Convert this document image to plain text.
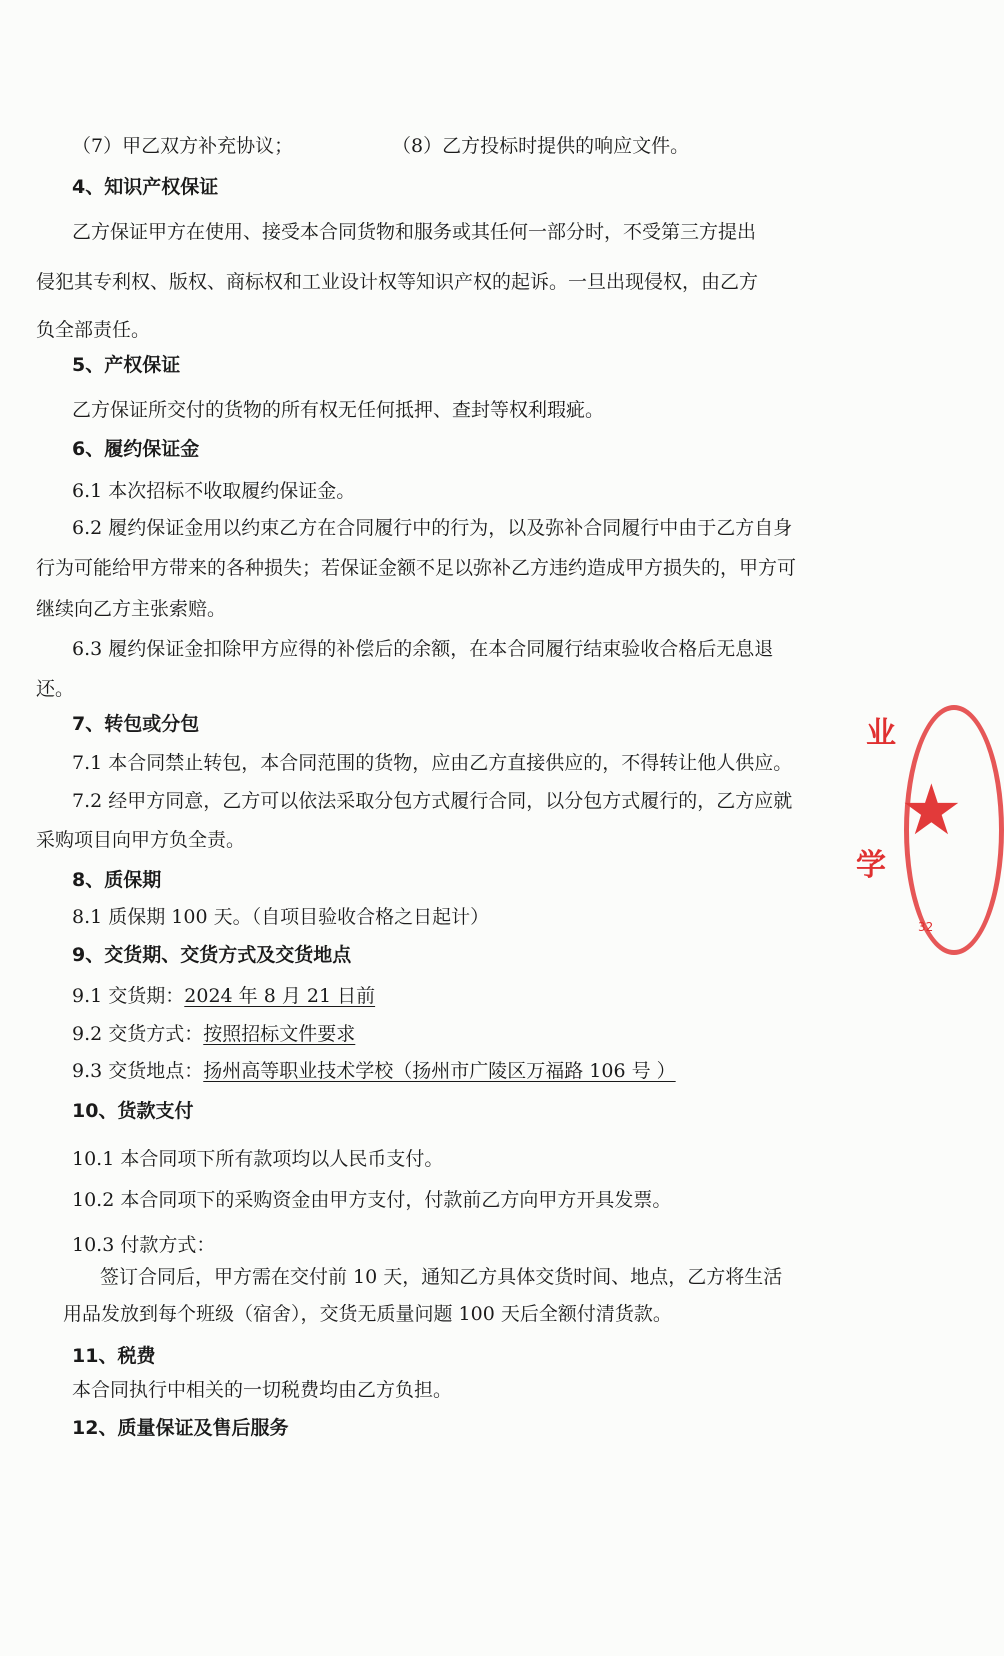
（7）甲乙双方补充协议；	（8）乙方投标时提供的响应文件。
4、知识产权保证
乙方保证甲方在使用、接受本合同货物和服务或其任何一部分时，不受第三方提出
侵犯其专利权、版权、商标权和工业设计权等知识产权的起诉。一旦出现侵权，由乙方
负全部责任。
5、产权保证
乙方保证所交付的货物的所有权无任何抵押、查封等权利瑕疵。
6、履约保证金
6.1 本次招标不收取履约保证金。
6.2 履约保证金用以约束乙方在合同履行中的行为，以及弥补合同履行中由于乙方自身
行为可能给甲方带来的各种损失；若保证金额不足以弥补乙方违约造成甲方损失的，甲方可
继续向乙方主张索赔。
6.3 履约保证金扣除甲方应得的补偿后的余额，在本合同履行结束验收合格后无息退
还。
7、转包或分包
7.1 本合同禁止转包，本合同范围的货物，应由乙方直接供应的，不得转让他人供应。
7.2 经甲方同意，乙方可以依法采取分包方式履行合同，以分包方式履行的，乙方应就
采购项目向甲方负全责。
8、质保期
8.1 质保期 100 天。（自项目验收合格之日起计）
9、交货期、交货方式及交货地点
9.1 交货期：2024 年 8 月 21 日前
9.2 交货方式：按照招标文件要求
9.3 交货地点：扬州高等职业技术学校（扬州市广陵区万福路 106 号 ）
10、货款支付
10.1 本合同项下所有款项均以人民币支付。
10.2 本合同项下的采购资金由甲方支付，付款前乙方向甲方开具发票。
10.3 付款方式：
签订合同后，甲方需在交付前 10 天，通知乙方具体交货时间、地点，乙方将生活
用品发放到每个班级（宿舍），交货无质量问题 100 天后全额付清货款。
11、税费
本合同执行中相关的一切税费均由乙方负担。
12、质量保证及售后服务
业
★
学
32
